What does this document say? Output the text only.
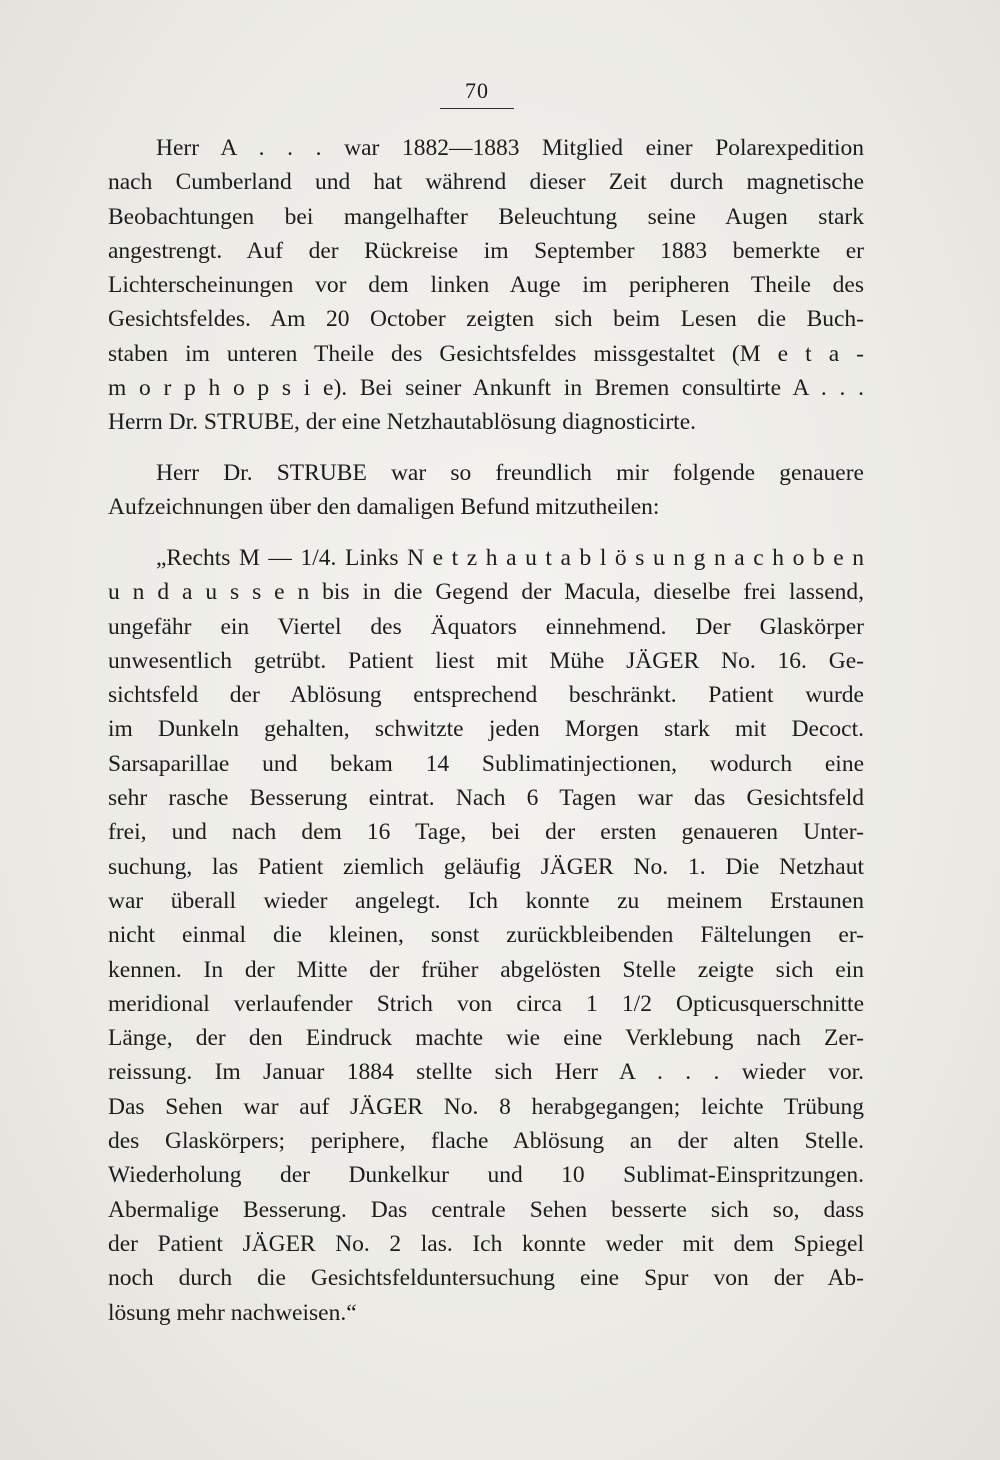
70
Herr A . . . war 1882—1883 Mitglied einer Polarexpedition
nach Cumberland und hat während dieser Zeit durch magnetische
Beobachtungen bei mangelhafter Beleuchtung seine Augen stark
angestrengt. Auf der Rückreise im September 1883 bemerkte er
Lichterscheinungen vor dem linken Auge im peripheren Theile des
Gesichtsfeldes. Am 20 October zeigten sich beim Lesen die Buch-
staben im unteren Theile des Gesichtsfeldes missgestaltet (M e t a -
m o r p h o p s i e). Bei seiner Ankunft in Bremen consultirte A . . .
Herrn Dr. STRUBE, der eine Netzhautablösung diagnosticirte.
Herr Dr. STRUBE war so freundlich mir folgende genauere
Aufzeichnungen über den damaligen Befund mitzutheilen:
„Rechts M — 1/4. Links N e t z h a u t a b l ö s u n g n a c h o b e n
u n d a u s s e n bis in die Gegend der Macula, dieselbe frei lassend,
ungefähr ein Viertel des Äquators einnehmend. Der Glaskörper
unwesentlich getrübt. Patient liest mit Mühe JÄGER No. 16. Ge-
sichtsfeld der Ablösung entsprechend beschränkt. Patient wurde
im Dunkeln gehalten, schwitzte jeden Morgen stark mit Decoct.
Sarsaparillae und bekam 14 Sublimatinjectionen, wodurch eine
sehr rasche Besserung eintrat. Nach 6 Tagen war das Gesichtsfeld
frei, und nach dem 16 Tage, bei der ersten genaueren Unter-
suchung, las Patient ziemlich geläufig JÄGER No. 1. Die Netzhaut
war überall wieder angelegt. Ich konnte zu meinem Erstaunen
nicht einmal die kleinen, sonst zurückbleibenden Fältelungen er-
kennen. In der Mitte der früher abgelösten Stelle zeigte sich ein
meridional verlaufender Strich von circa 1 1/2 Opticusquerschnitte
Länge, der den Eindruck machte wie eine Verklebung nach Zer-
reissung. Im Januar 1884 stellte sich Herr A . . . wieder vor.
Das Sehen war auf JÄGER No. 8 herabgegangen; leichte Trübung
des Glaskörpers; periphere, flache Ablösung an der alten Stelle.
Wiederholung der Dunkelkur und 10 Sublimat-Einspritzungen.
Abermalige Besserung. Das centrale Sehen besserte sich so, dass
der Patient JÄGER No. 2 las. Ich konnte weder mit dem Spiegel
noch durch die Gesichtsfelduntersuchung eine Spur von der Ab-
lösung mehr nachweisen.“
